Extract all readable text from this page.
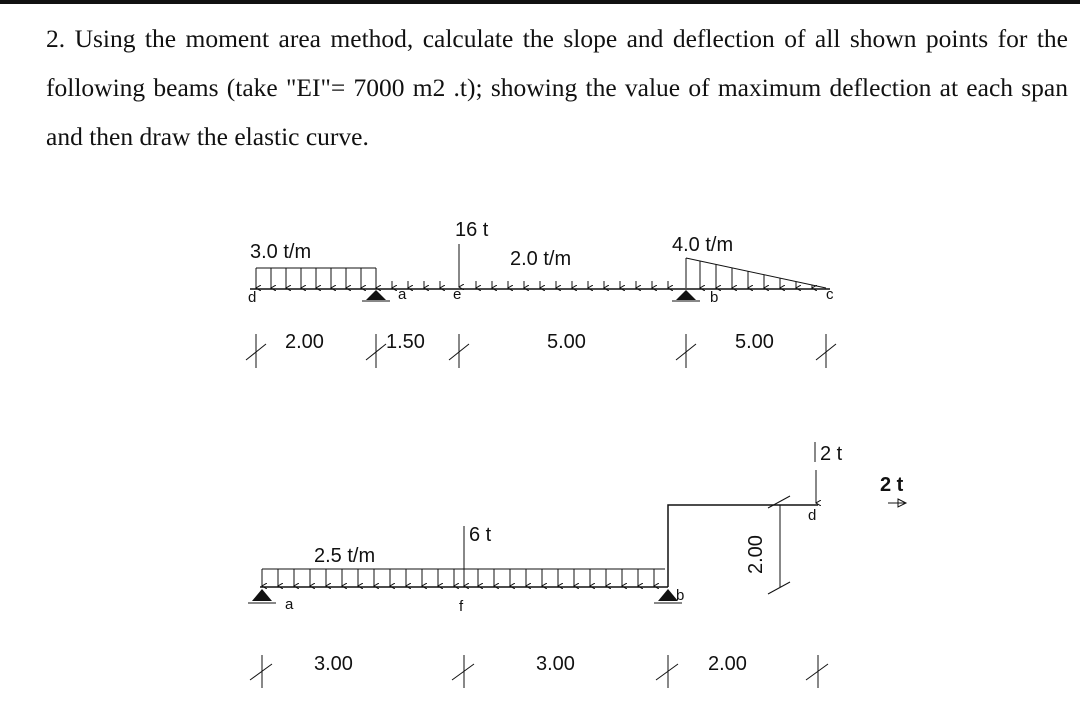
2. Using the moment area method, calculate the slope and deflection of all shown points for the following beams (take "EI"= 7000 m2 .t); showing the value of maximum deflection at each span and then draw the elastic curve.

3.0 t/m
16 t
2.0 t/m
4.0 t/m
d	a	e	b	c
2.00	1.50	5.00	5.00
2.00
2.5 t/m
6 t
2 t
2 t
a	f
b
d
3.00	3.00	2.00
